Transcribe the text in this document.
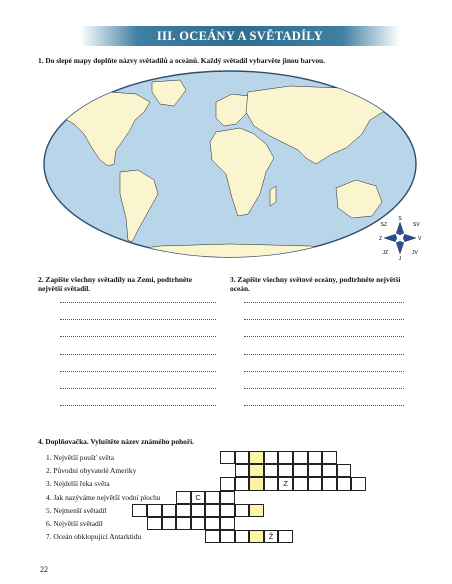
III. OCEÁNY A SVĚTADÍLY
1. Do slepé mapy doplňte názvy světadílů a oceánů. Každý světadíl vybarvěte jinou barvou.
S
SV
V
JV
J
JZ
Z
SZ
2. Zapište všechny světadíly na Zemi, podtrhněte největší světadíl.
3. Zapište všechny světové oceány, podtrhněte největší oceán.
4. Doplňovačka. Vyluštěte název známého pohoří.
1. Největší poušť světa
2. Původní obyvatelé Ameriky
3. Nejdelší řeka světa
4. Jak nazýváme největší vodní plochu
5. Nejmenší světadíl
6. Největší světadíl
7. Oceán obklopující Antarktidu
Z
C
Ž
22
